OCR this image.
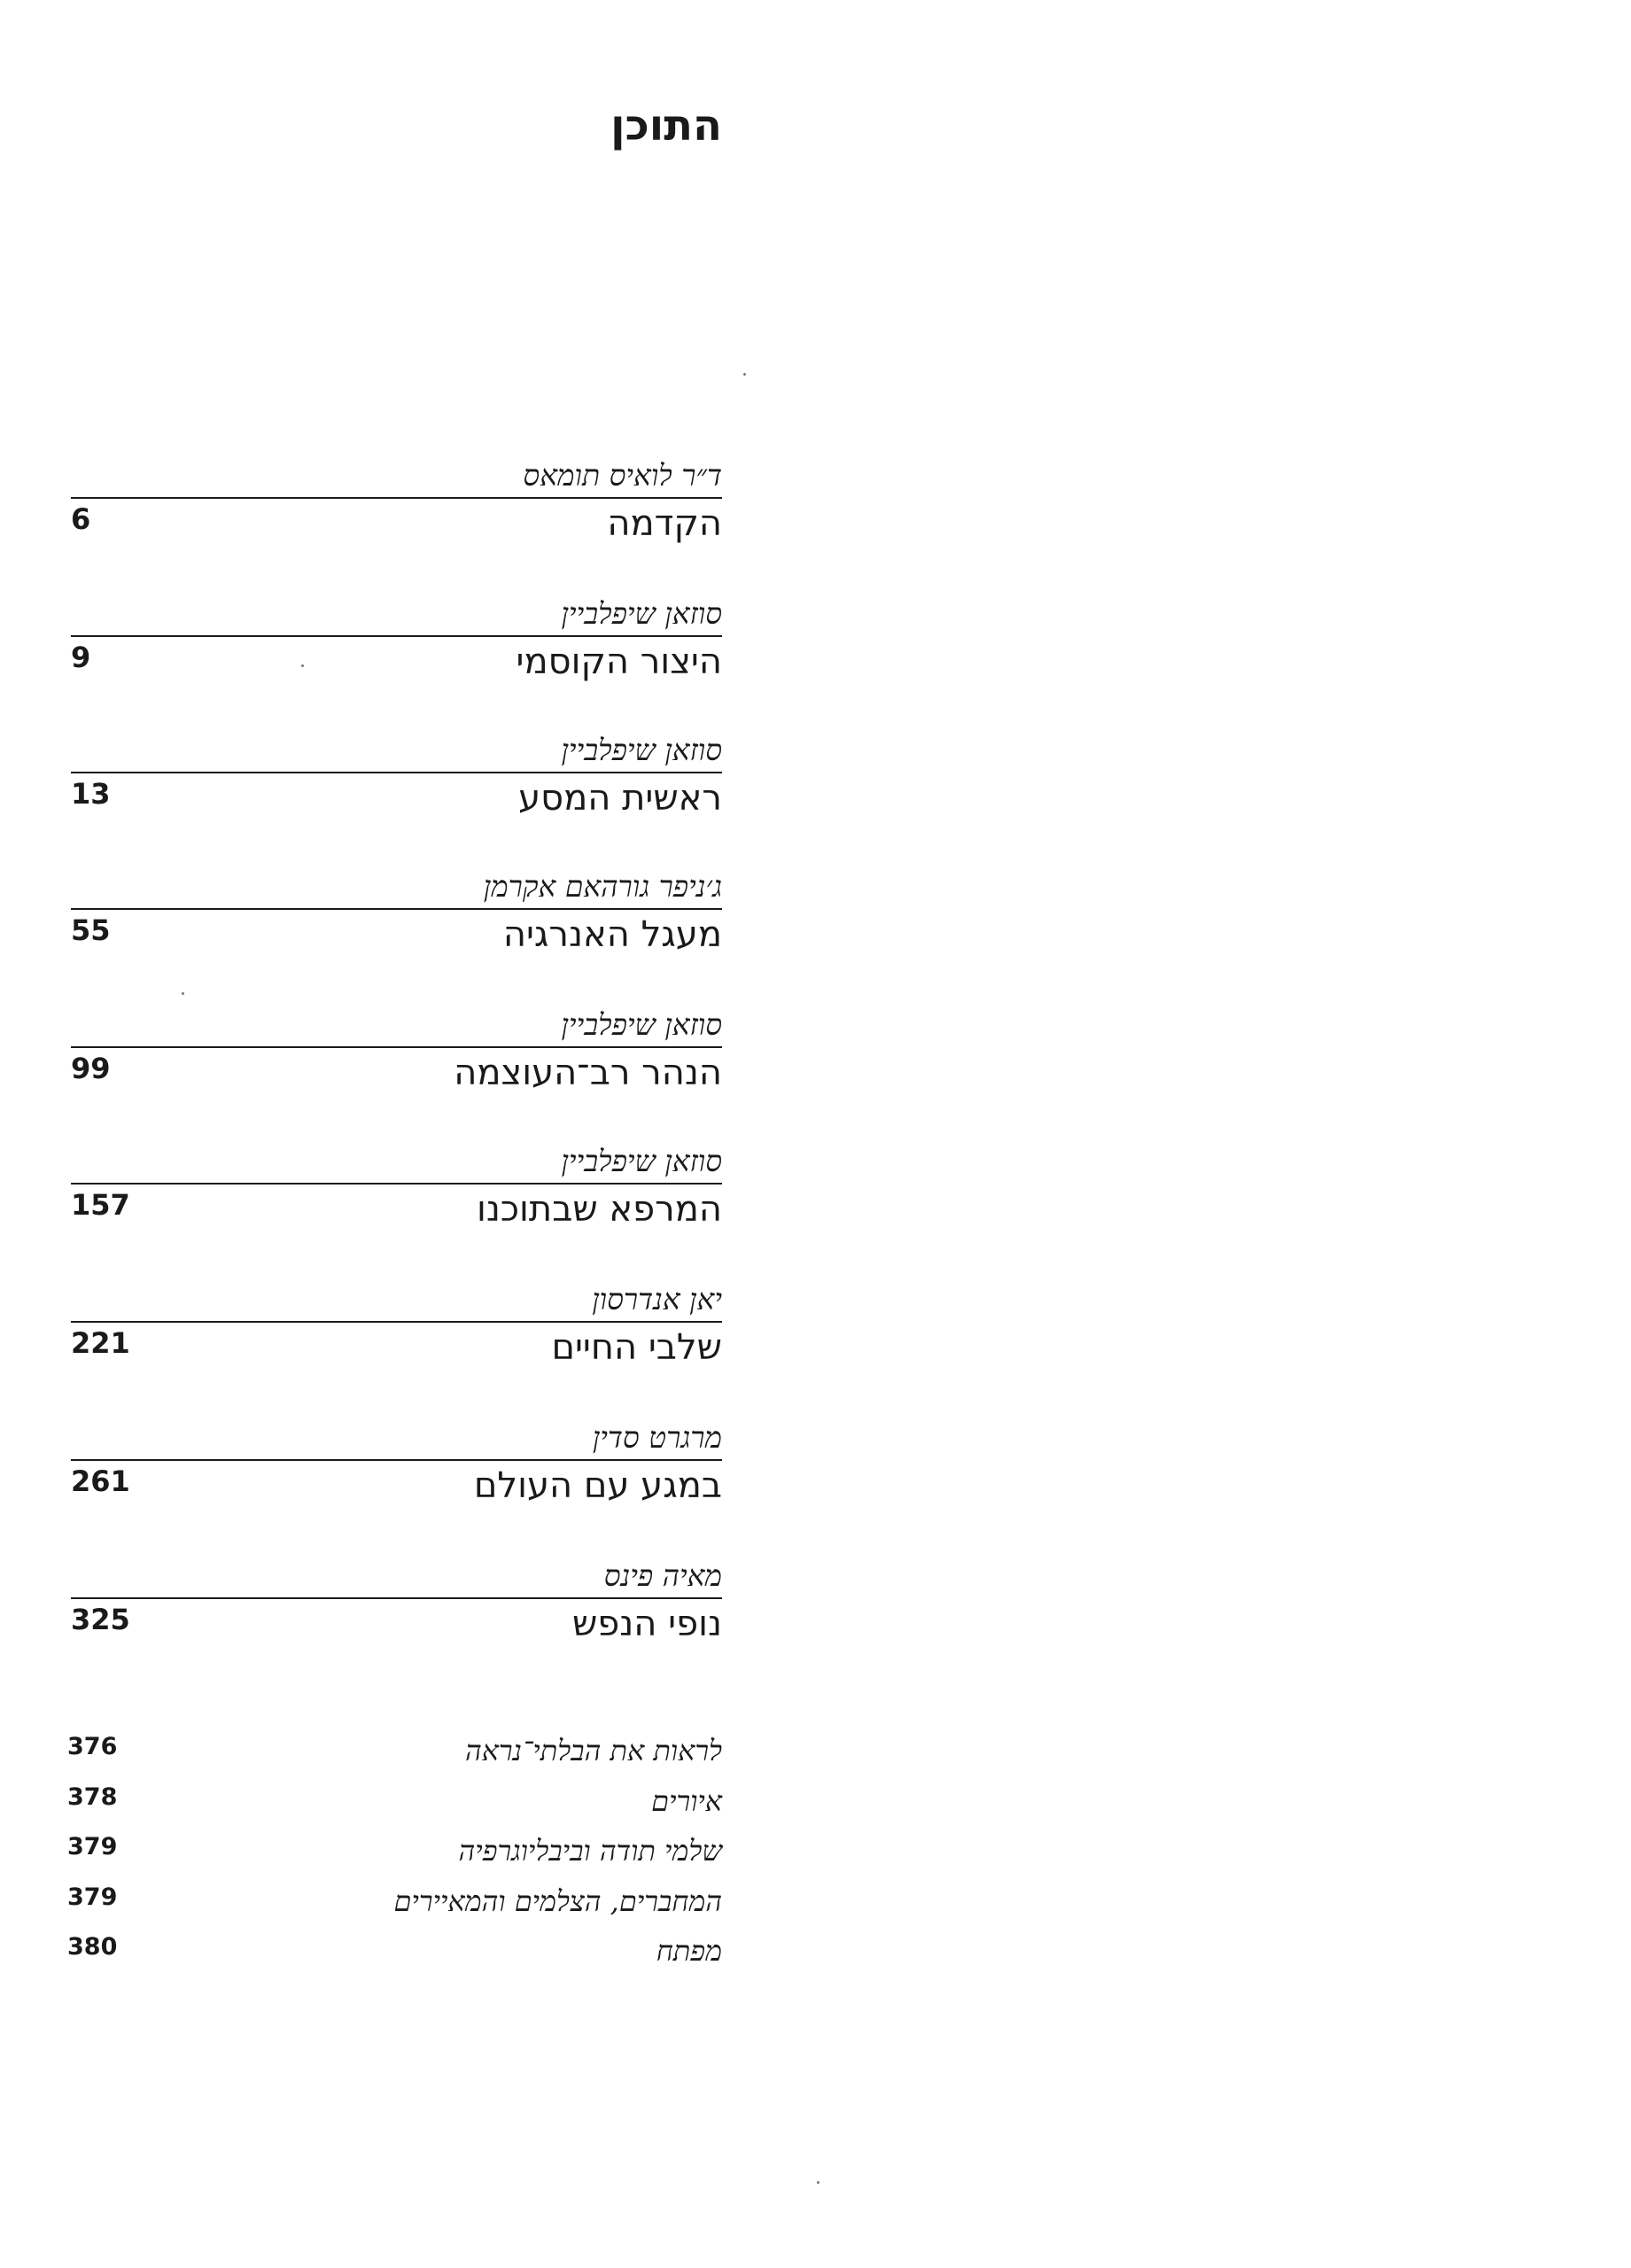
התוכן
ד״ר לואיס תומאס
הקדמה
6
סוזאן שיפלביין
היצור הקוסמי
9
סוזאן שיפלביין
ראשית המסע
13
ג׳ניפר גורהאם אקרמן
מעגל האנרגיה
55
סוזאן שיפלביין
הנהר רב־העוצמה
99
סוזאן שיפלביין
המרפא שבתוכנו
157
יאן אנדרסון
שלבי החיים
221
מרגרט סדין
במגע עם העולם
261
מאיה פינס
נופי הנפש
325
לראות את הבלתי־נראה
376
איורים
378
שלמי תודה וביבליוגרפיה
379
המחברים, הצלמים והמאיירים
379
מפתח
380
